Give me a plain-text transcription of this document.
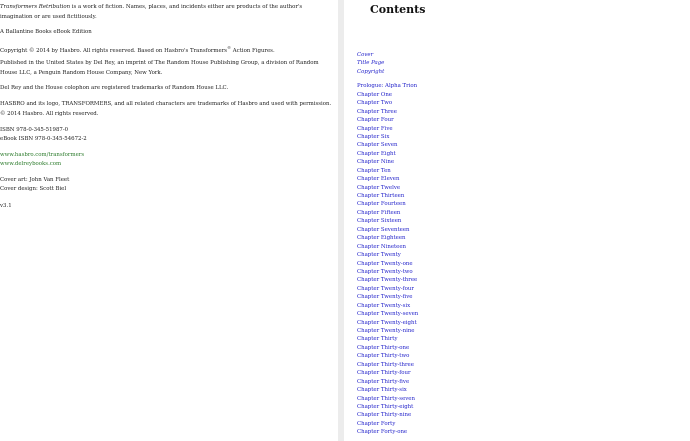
Transformers Retribution is a work of fiction. Names, places, and incidents either are products of the author's imagination or are used fictitiously.

A Ballantine Books eBook Edition

Copyright © 2014 by Hasbro. All rights reserved. Based on Hasbro's Transformers® Action Figures.

Published in the United States by Del Rey, an imprint of The Random House Publishing Group, a division of Random House LLC, a Penguin Random House Company, New York.

Del Rey and the House colophon are registered trademarks of Random House LLC.

HASBRO and its logo, TRANSFORMERS, and all related characters are trademarks of Hasbro and used with permission. © 2014 Hasbro. All rights reserved.

ISBN 978-0-345-51987-0

eBook ISBN 978-0-345-54672-2

www.hasbro.com/transformers

www.delreybooks.com

Cover art: John Van Fleet

Cover design: Scott Biel

v3.1

Contents
Cover
Title Page
Copyright
Prologue: Alpha Trion
Chapter One
Chapter Two
Chapter Three
Chapter Four
Chapter Five
Chapter Six
Chapter Seven
Chapter Eight
Chapter Nine
Chapter Ten
Chapter Eleven
Chapter Twelve
Chapter Thirteen
Chapter Fourteen
Chapter Fifteen
Chapter Sixteen
Chapter Seventeen
Chapter Eighteen
Chapter Nineteen
Chapter Twenty
Chapter Twenty-one
Chapter Twenty-two
Chapter Twenty-three
Chapter Twenty-four
Chapter Twenty-five
Chapter Twenty-six
Chapter Twenty-seven
Chapter Twenty-eight
Chapter Twenty-nine
Chapter Thirty
Chapter Thirty-one
Chapter Thirty-two
Chapter Thirty-three
Chapter Thirty-four
Chapter Thirty-five
Chapter Thirty-six
Chapter Thirty-seven
Chapter Thirty-eight
Chapter Thirty-nine
Chapter Forty
Chapter Forty-one
